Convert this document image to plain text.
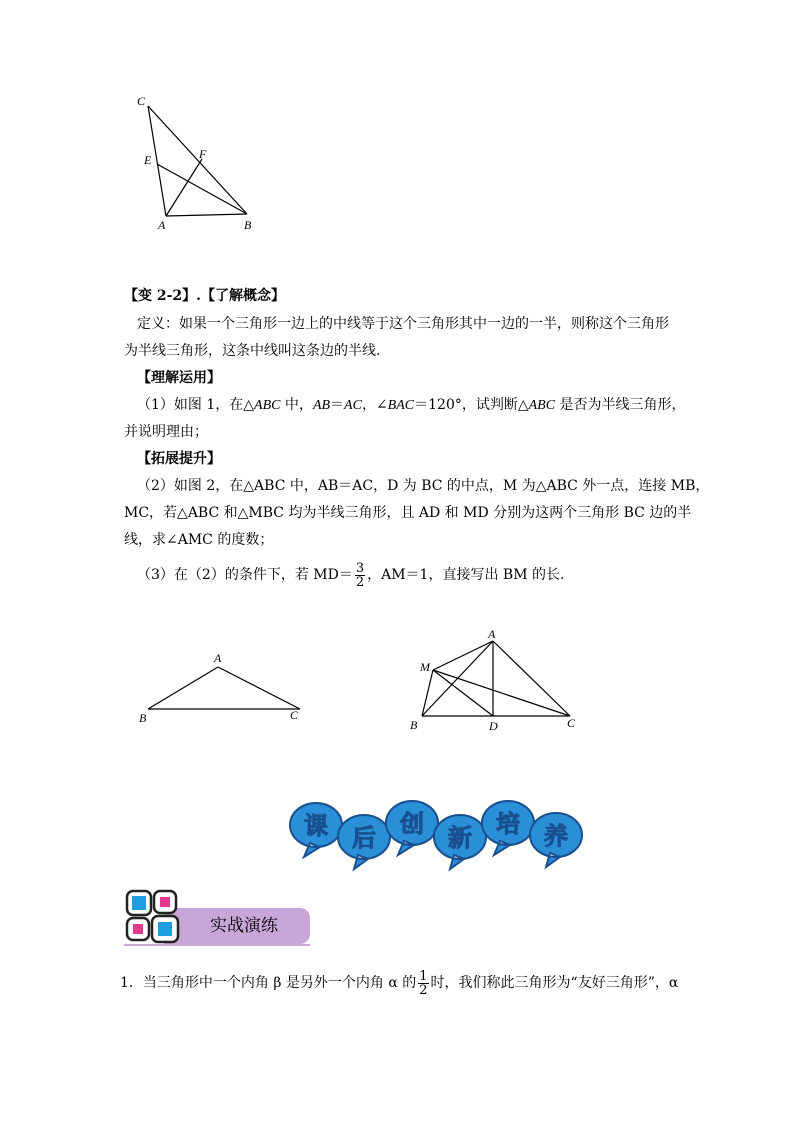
C
E	F
A	B
【变 2-2】.【了解概念】
定义：如果一个三角形一边上的中线等于这个三角形其中一边的一半，则称这个三角形
为半线三角形，这条中线叫这条边的半线．
【理解运用】
（1）如图 1，在△ABC 中，AB＝AC，∠BAC＝120°，试判断△ABC 是否为半线三角形，
并说明理由；
【拓展提升】
（2）如图 2，在△ABC 中，AB＝AC，D 为 BC 的中点，M 为△ABC 外一点，连接 MB，
MC，若△ABC 和△MBC 均为半线三角形，且 AD 和 MD 分别为这两个三角形 BC 边的半
线，求∠AMC 的度数；
（3）在（2）的条件下，若 $MD= \frac{3}{2}$ ，AM＝1，直接写出 BM 的长．
A
B	C
A
M
B	D	C
课 后 创 新 培 养
实战演练
1．当三角形中一个内角 β 是另外一个内角 α 的 $\frac{1}{2}$ 时，我们称此三角形为“友好三角形”，α
